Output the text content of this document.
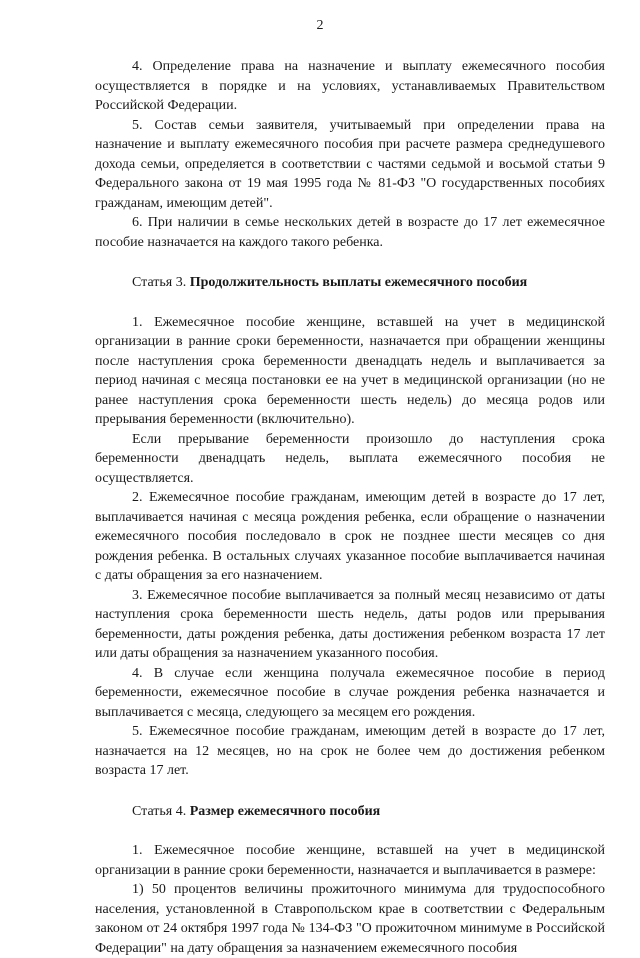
2

4. Определение права на назначение и выплату ежемесячного пособия осуществляется в порядке и на условиях, устанавливаемых Правительством Российской Федерации.

5. Состав семьи заявителя, учитываемый при определении права на назначение и выплату ежемесячного пособия при расчете размера среднедушевого дохода семьи, определяется в соответствии с частями седьмой и восьмой статьи 9 Федерального закона от 19 мая 1995 года № 81-ФЗ "О государственных пособиях гражданам, имеющим детей".

6. При наличии в семье нескольких детей в возрасте до 17 лет ежемесячное пособие назначается на каждого такого ребенка.

Статья 3. Продолжительность выплаты ежемесячного пособия

1. Ежемесячное пособие женщине, вставшей на учет в медицинской организации в ранние сроки беременности, назначается при обращении женщины после наступления срока беременности двенадцать недель и выплачивается за период начиная с месяца постановки ее на учет в медицинской организации (но не ранее наступления срока беременности шесть недель) до месяца родов или прерывания беременности (включительно).

Если прерывание беременности произошло до наступления срока беременности двенадцать недель, выплата ежемесячного пособия не осуществляется.

2. Ежемесячное пособие гражданам, имеющим детей в возрасте до 17 лет, выплачивается начиная с месяца рождения ребенка, если обращение о назначении ежемесячного пособия последовало в срок не позднее шести месяцев со дня рождения ребенка. В остальных случаях указанное пособие выплачивается начиная с даты обращения за его назначением.

3. Ежемесячное пособие выплачивается за полный месяц независимо от даты наступления срока беременности шесть недель, даты родов или прерывания беременности, даты рождения ребенка, даты достижения ребенком возраста 17 лет или даты обращения за назначением указанного пособия.

4. В случае если женщина получала ежемесячное пособие в период беременности, ежемесячное пособие в случае рождения ребенка назначается и выплачивается с месяца, следующего за месяцем его рождения.

5. Ежемесячное пособие гражданам, имеющим детей в возрасте до 17 лет, назначается на 12 месяцев, но на срок не более чем до достижения ребенком возраста 17 лет.

Статья 4. Размер ежемесячного пособия

1. Ежемесячное пособие женщине, вставшей на учет в медицинской организации в ранние сроки беременности, назначается и выплачивается в размере:

1) 50 процентов величины прожиточного минимума для трудоспособного населения, установленной в Ставропольском крае в соответствии с Федеральным законом от 24 октября 1997 года № 134-ФЗ "О прожиточном минимуме в Российской Федерации" на дату обращения за назначением ежемесячного пособия
